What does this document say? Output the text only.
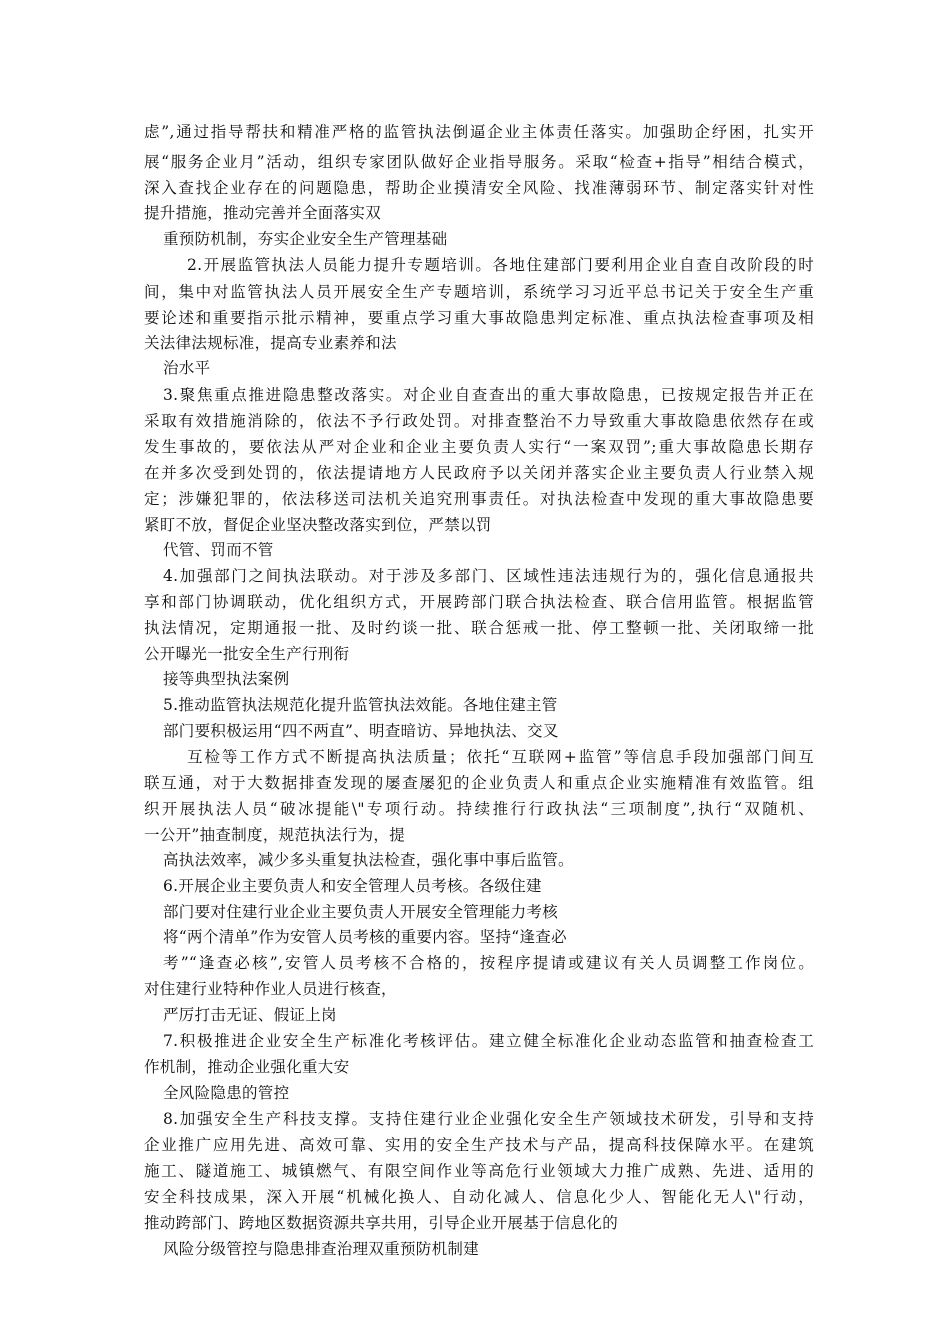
虑”,通过指导帮扶和精准严格的监管执法倒逼企业主体责任落实。加强助企纾困，扎实开
展“服务企业月”活动，组织专家团队做好企业指导服务。采取“检查+指导”相结合模式，
深入查找企业存在的问题隐患，帮助企业摸清安全风险、找准薄弱环节、制定落实针对性
提升措施，推动完善并全面落实双
重预防机制，夯实企业安全生产管理基础
2.开展监管执法人员能力提升专题培训。各地住建部门要利用企业自查自改阶段的时
间，集中对监管执法人员开展安全生产专题培训，系统学习习近平总书记关于安全生产重
要论述和重要指示批示精神，要重点学习重大事故隐患判定标准、重点执法检查事项及相
关法律法规标准，提高专业素养和法
治水平
3.聚焦重点推进隐患整改落实。对企业自查查出的重大事故隐患，已按规定报告并正在
采取有效措施消除的，依法不予行政处罚。对排查整治不力导致重大事故隐患依然存在或
发生事故的，要依法从严对企业和企业主要负责人实行“一案双罚”;重大事故隐患长期存
在并多次受到处罚的，依法提请地方人民政府予以关闭并落实企业主要负责人行业禁入规
定；涉嫌犯罪的，依法移送司法机关追究刑事责任。对执法检查中发现的重大事故隐患要
紧盯不放，督促企业坚决整改落实到位，严禁以罚
代管、罚而不管
4.加强部门之间执法联动。对于涉及多部门、区域性违法违规行为的，强化信息通报共
享和部门协调联动，优化组织方式，开展跨部门联合执法检查、联合信用监管。根据监管
执法情况，定期通报一批、及时约谈一批、联合惩戒一批、停工整顿一批、关闭取缔一批
公开曝光一批安全生产行刑衔
接等典型执法案例
5.推动监管执法规范化提升监管执法效能。各地住建主管
部门要积极运用“四不两直”、明查暗访、异地执法、交叉
互检等工作方式不断提高执法质量；依托“互联网+监管”等信息手段加强部门间互
联互通，对于大数据排查发现的屡查屡犯的企业负责人和重点企业实施精准有效监管。组
织开展执法人员“破冰提能\"专项行动。持续推行行政执法“三项制度”,执行“双随机、
一公开”抽查制度，规范执法行为，提
高执法效率，减少多头重复执法检查，强化事中事后监管。
6.开展企业主要负责人和安全管理人员考核。各级住建
部门要对住建行业企业主要负责人开展安全管理能力考核
将“两个清单”作为安管人员考核的重要内容。坚持“逢查必
考”“逢查必核”,安管人员考核不合格的，按程序提请或建议有关人员调整工作岗位。
对住建行业特种作业人员进行核查，
严厉打击无证、假证上岗
7.积极推进企业安全生产标准化考核评估。建立健全标准化企业动态监管和抽查检查工
作机制，推动企业强化重大安
全风险隐患的管控
8.加强安全生产科技支撑。支持住建行业企业强化安全生产领域技术研发，引导和支持
企业推广应用先进、高效可靠、实用的安全生产技术与产品，提高科技保障水平。在建筑
施工、隧道施工、城镇燃气、有限空间作业等高危行业领域大力推广成熟、先进、适用的
安全科技成果，深入开展“机械化换人、自动化减人、信息化少人、智能化无人\"行动，
推动跨部门、跨地区数据资源共享共用，引导企业开展基于信息化的
风险分级管控与隐患排查治理双重预防机制建
